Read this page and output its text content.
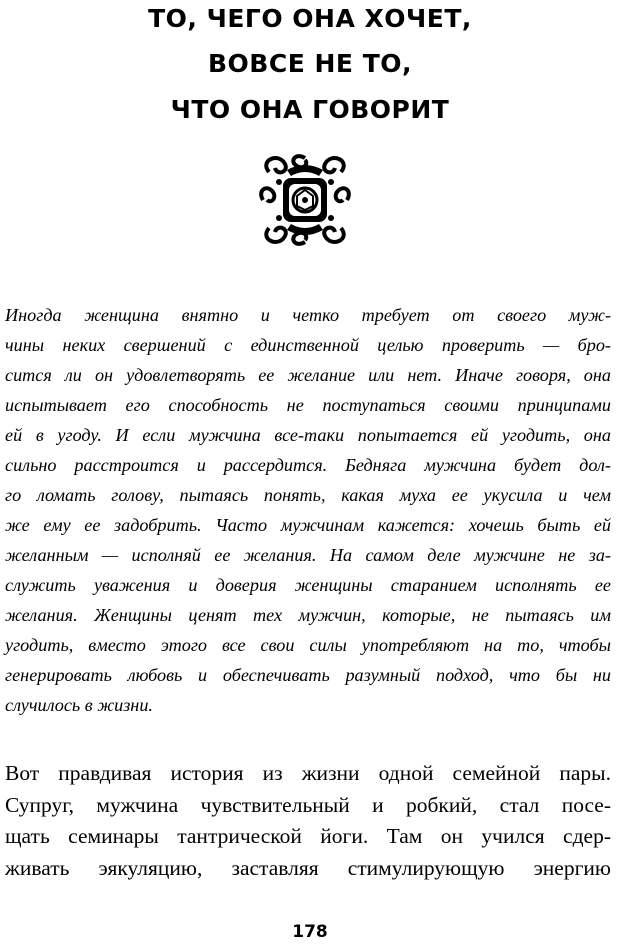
ТО, ЧЕГО ОНА ХОЧЕТ,
ВОВСЕ НЕ ТО,
ЧТО ОНА ГОВОРИТ
Иногда женщина внятно и четко требует от своего муж-
чины неких свершений с единственной целью проверить — бро-
сится ли он удовлетворять ее желание или нет. Иначе говоря, она
испытывает его способность не поступаться своими принципами
ей в угоду. И если мужчина все-таки попытается ей угодить, она
сильно расстроится и рассердится. Бедняга мужчина будет дол-
го ломать голову, пытаясь понять, какая муха ее укусила и чем
же ему ее задобрить. Часто мужчинам кажется: хочешь быть ей
желанным — исполняй ее желания. На самом деле мужчине не за-
служить уважения и доверия женщины старанием исполнять ее
желания. Женщины ценят тех мужчин, которые, не пытаясь им
угодить, вместо этого все свои силы употребляют на то, чтобы
генерировать любовь и обеспечивать разумный подход, что бы ни
случилось в жизни.
Вот правдивая история из жизни одной семейной пары.
Супруг, мужчина чувствительный и робкий, стал посе-
щать семинары тантрической йоги. Там он учился сдер-
живать эякуляцию, заставляя стимулирующую энергию
178
